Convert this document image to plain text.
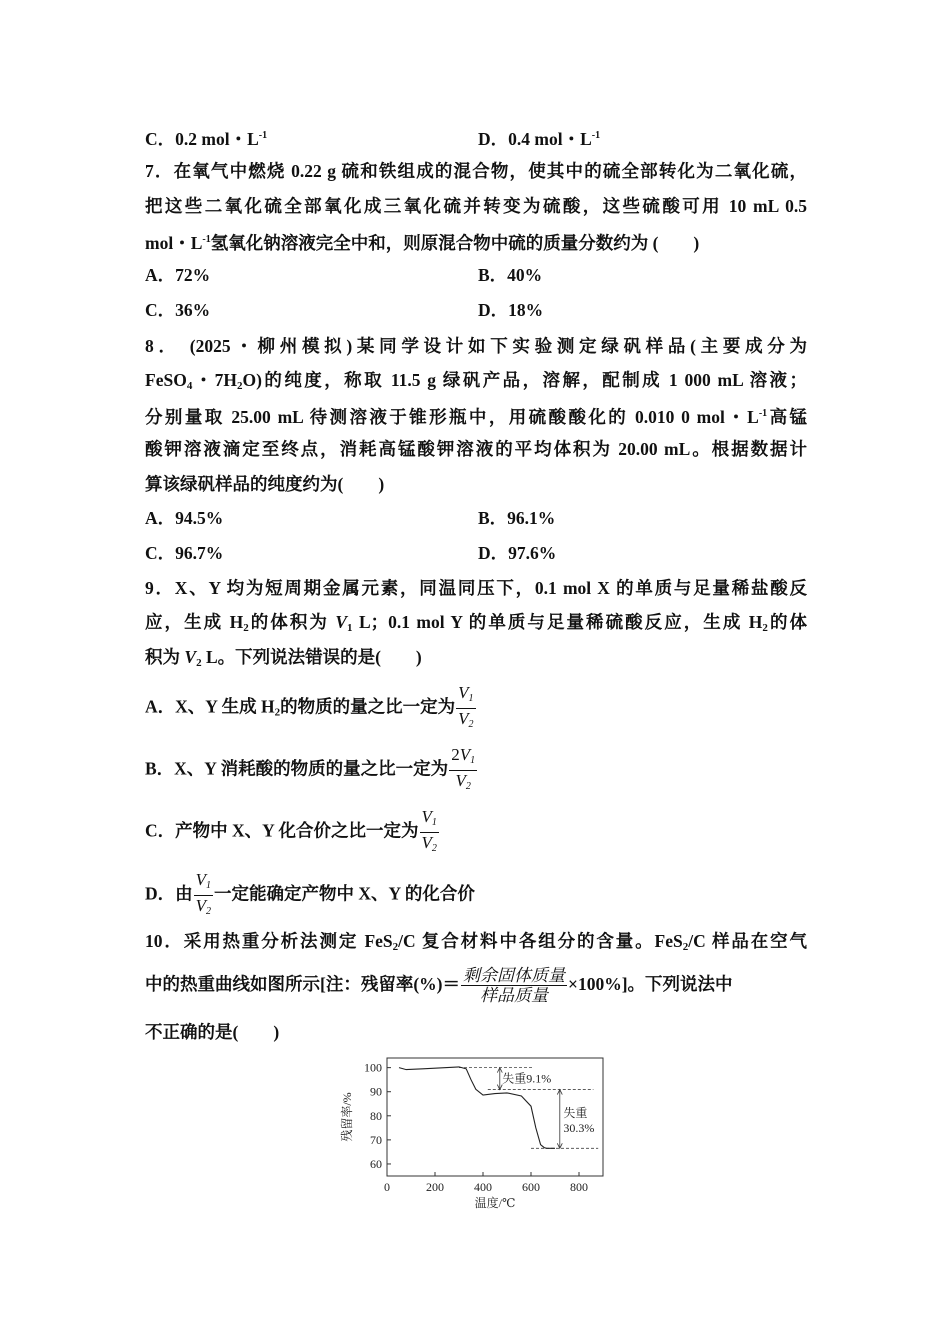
C．0.2 mol・$L^{-1}$	D．0.4 mol・$L^{-1}$
7．在氧气中燃烧 0.22 g 硫和铁组成的混合物，使其中的硫全部转化为二氧化硫，
把这些二氧化硫全部氧化成三氧化硫并转变为硫酸，这些硫酸可用 10 mL 0.5
mol・$L^{-1}$氢氧化钠溶液完全中和，则原混合物中硫的质量分数约为 (　　)
A．72%	B．40%
C．36%	D．18%
8． (2025・柳州模拟)某同学设计如下实验测定绿矾样品(主要成分为
FeSO$_4$・$7H_2O$)的纯度，称取 11.5 g 绿矾产品，溶解，配制成 1 000 mL 溶液；
分别量取 25.00 mL 待测溶液于锥形瓶中，用硫酸酸化的 0.010 0 mol・$L^{-1}$高锰
酸钾溶液滴定至终点，消耗高锰酸钾溶液的平均体积为 20.00 mL。根据数据计
算该绿矾样品的纯度约为(　　)
A．94.5%	B．96.1%
C．96.7%	D．97.6%
9．X、Y 均为短周期金属元素，同温同压下，0.1 mol X 的单质与足量稀盐酸反
应，生成 $H_2$的体积为 $V_1$ L；0.1 mol Y 的单质与足量稀硫酸反应，生成 $H_2$的体
积为 $V_2$ L。下列说法错误的是(　　)
A．X、Y 生成 $H_2$的物质的量之比一定为 $\frac{V_1}{V_2}$
B．X、Y 消耗酸的物质的量之比一定为 $\frac{2V_1}{V_2}$
C．产物中 X、Y 化合价之比一定为 $\frac{V_1}{V_2}$
D．由 $\frac{V_1}{V_2}$ 一定能确定产物中 X、Y 的化合价
10．采用热重分析法测定 FeS$_2$/C 复合材料中各组分的含量。FeS$_2$/C 样品在空气
中的热重曲线如图所示[注：残留率(%)＝ $\frac{\text{剩余固体质量}}{\text{样品质量}} \times 100\%$]。下列说法中
不正确的是(　　)
60
70
80
90
100
0	200	400	600	800
残留率/%
温度/℃
失重9.1%
失重
30.3%
